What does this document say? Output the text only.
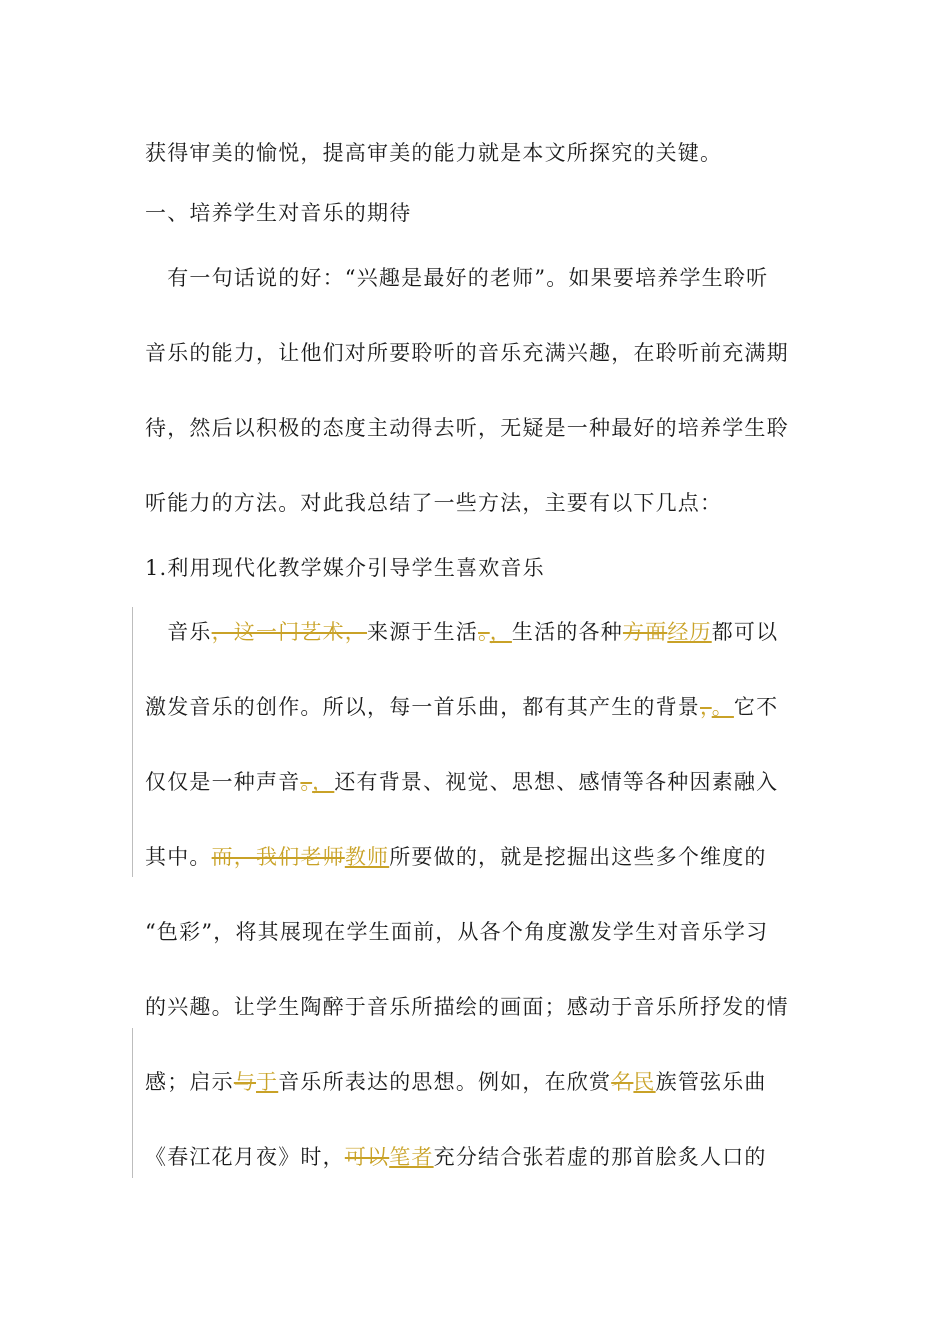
获得审美的愉悦，提高审美的能力就是本文所探究的关键。
一、培养学生对音乐的期待
　有一句话说的好：“兴趣是最好的老师”。如果要培养学生聆听
音乐的能力，让他们对所要聆听的音乐充满兴趣，在聆听前充满期
待，然后以积极的态度主动得去听，无疑是一种最好的培养学生聆
听能力的方法。对此我总结了一些方法，主要有以下几点：
1.利用现代化教学媒介引导学生喜欢音乐
　音乐，这一门艺术，来源于生活。，生活的各种方面经历都可以
激发音乐的创作。所以，每一首乐曲，都有其产生的背景，。它不
仅仅是一种声音。，还有背景、视觉、思想、感情等各种因素融入
其中。而，我们老师教师所要做的，就是挖掘出这些多个维度的
“色彩”，将其展现在学生面前，从各个角度激发学生对音乐学习
的兴趣。让学生陶醉于音乐所描绘的画面；感动于音乐所抒发的情
感；启示与于音乐所表达的思想。例如，在欣赏名民族管弦乐曲
《春江花月夜》时，可以笔者充分结合张若虚的那首脍炙人口的
